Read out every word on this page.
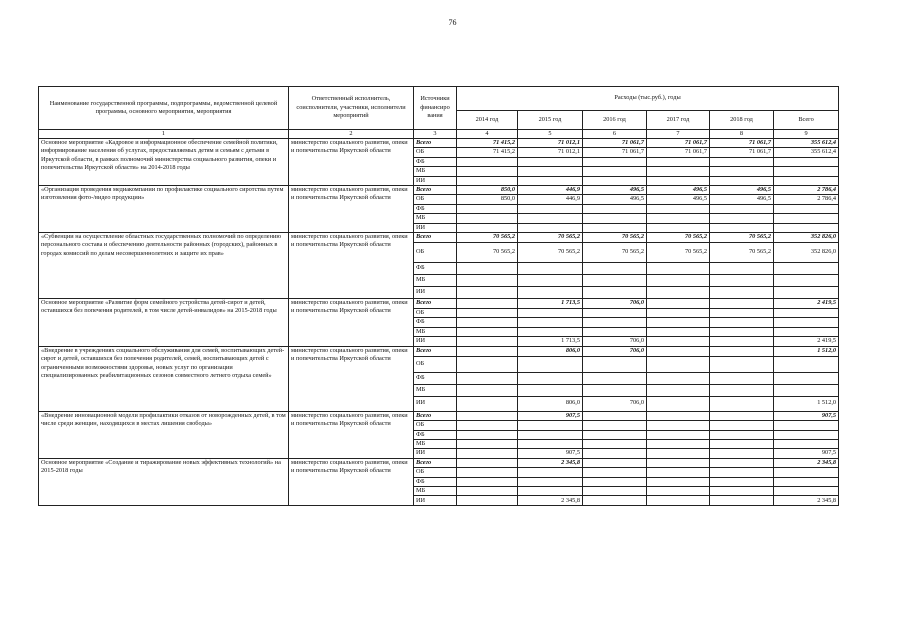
76
Наименование государственной программы, подпрограммы, ведомственной целевой программы, основного мероприятия, мероприятия	Ответственный исполнитель, соисполнители, участники, исполнители мероприятий	Источники финансиро вания	Расходы (тыс.руб.), годы					
			2014 год	2015 год	2016 год	2017 год	2018 год	Всего
1	2	3	4	5	6	7	8	9
Основное мероприятие «Кадровое и информационное обеспечение семейной политики, информирование населения об услугах, предоставляемых детям и семьям с детьми в Иркутской области, в рамках полномочий министерства социального развития, опеки и попечительства Иркутской области» на 2014-2018 годы	министерство социального развития, опеки и попечительства Иркутской области	Всего	71 415,2	71 012,1	71 061,7	71 061,7	71 061,7	355 612,4
		ОБ	71 415,2	71 012,1	71 061,7	71 061,7	71 061,7	355 612,4
		ФБ						
		МБ						
		ИИ						
«Организация проведения медиакомпании по профилактике социального сиротства путем изготовления фото-/видео продукции»	министерство социального развития, опеки и попечительства Иркутской области	Всего	850,0	446,9	496,5	496,5	496,5	2 786,4
		ОБ	850,0	446,9	496,5	496,5	496,5	2 786,4
		ФБ						
		МБ						
		ИИ						
«Субвенции на осуществление областных государственных полномочий по определению персонального состава и обеспечению деятельности районных (городских), районных в городах комиссий по делам несовершеннолетних и защите их прав»	министерство социального развития, опеки и попечительства Иркутской области	Всего	70 565,2	70 565,2	70 565,2	70 565,2	70 565,2	352 826,0
		ОБ	70 565,2	70 565,2	70 565,2	70 565,2	70 565,2	352 826,0
		ФБ						
		МБ						
		ИИ						
Основное мероприятие «Развитие форм семейного устройства детей-сирот и детей, оставшихся без попечения родителей, в том числе детей-инвалидов» на 2015-2018 годы	министерство социального развития, опеки и попечительства Иркутской области	Всего		1 713,5	706,0			2 419,5
		ОБ						
		ФБ						
		МБ						
		ИИ		1 713,5	706,0			2 419,5
«Внедрение в учреждениях социального обслуживания для семей, воспитывающих детей-сирот и детей, оставшихся без попечения родителей, семей, воспитывающих детей с ограниченными возможностями здоровья, новых услуг по организации специализированных реабилитационных сезонов совместного летнего отдыха семей»	министерство социального развития, опеки и попечительства Иркутской области	Всего		806,0	706,0			1 512,0
		ОБ						
		ФБ						
		МБ						
		ИИ		806,0	706,0			1 512,0
«Внедрение инновационной модели профилактики отказов от новорожденных детей, в том числе среди женщин, находящихся в местах лишения свободы»	министерство социального развития, опеки и попечительства Иркутской области	Всего		907,5				907,5
		ОБ						
		ФБ						
		МБ						
		ИИ		907,5				907,5
Основное мероприятие «Создание и тиражирование новых эффективных технологий» на 2015-2018 годы	министерство социального развития, опеки и попечительства Иркутской области	Всего		2 345,8				2 345,8
		ОБ						
		ФБ						
		МБ						
		ИИ		2 345,8				2 345,8
